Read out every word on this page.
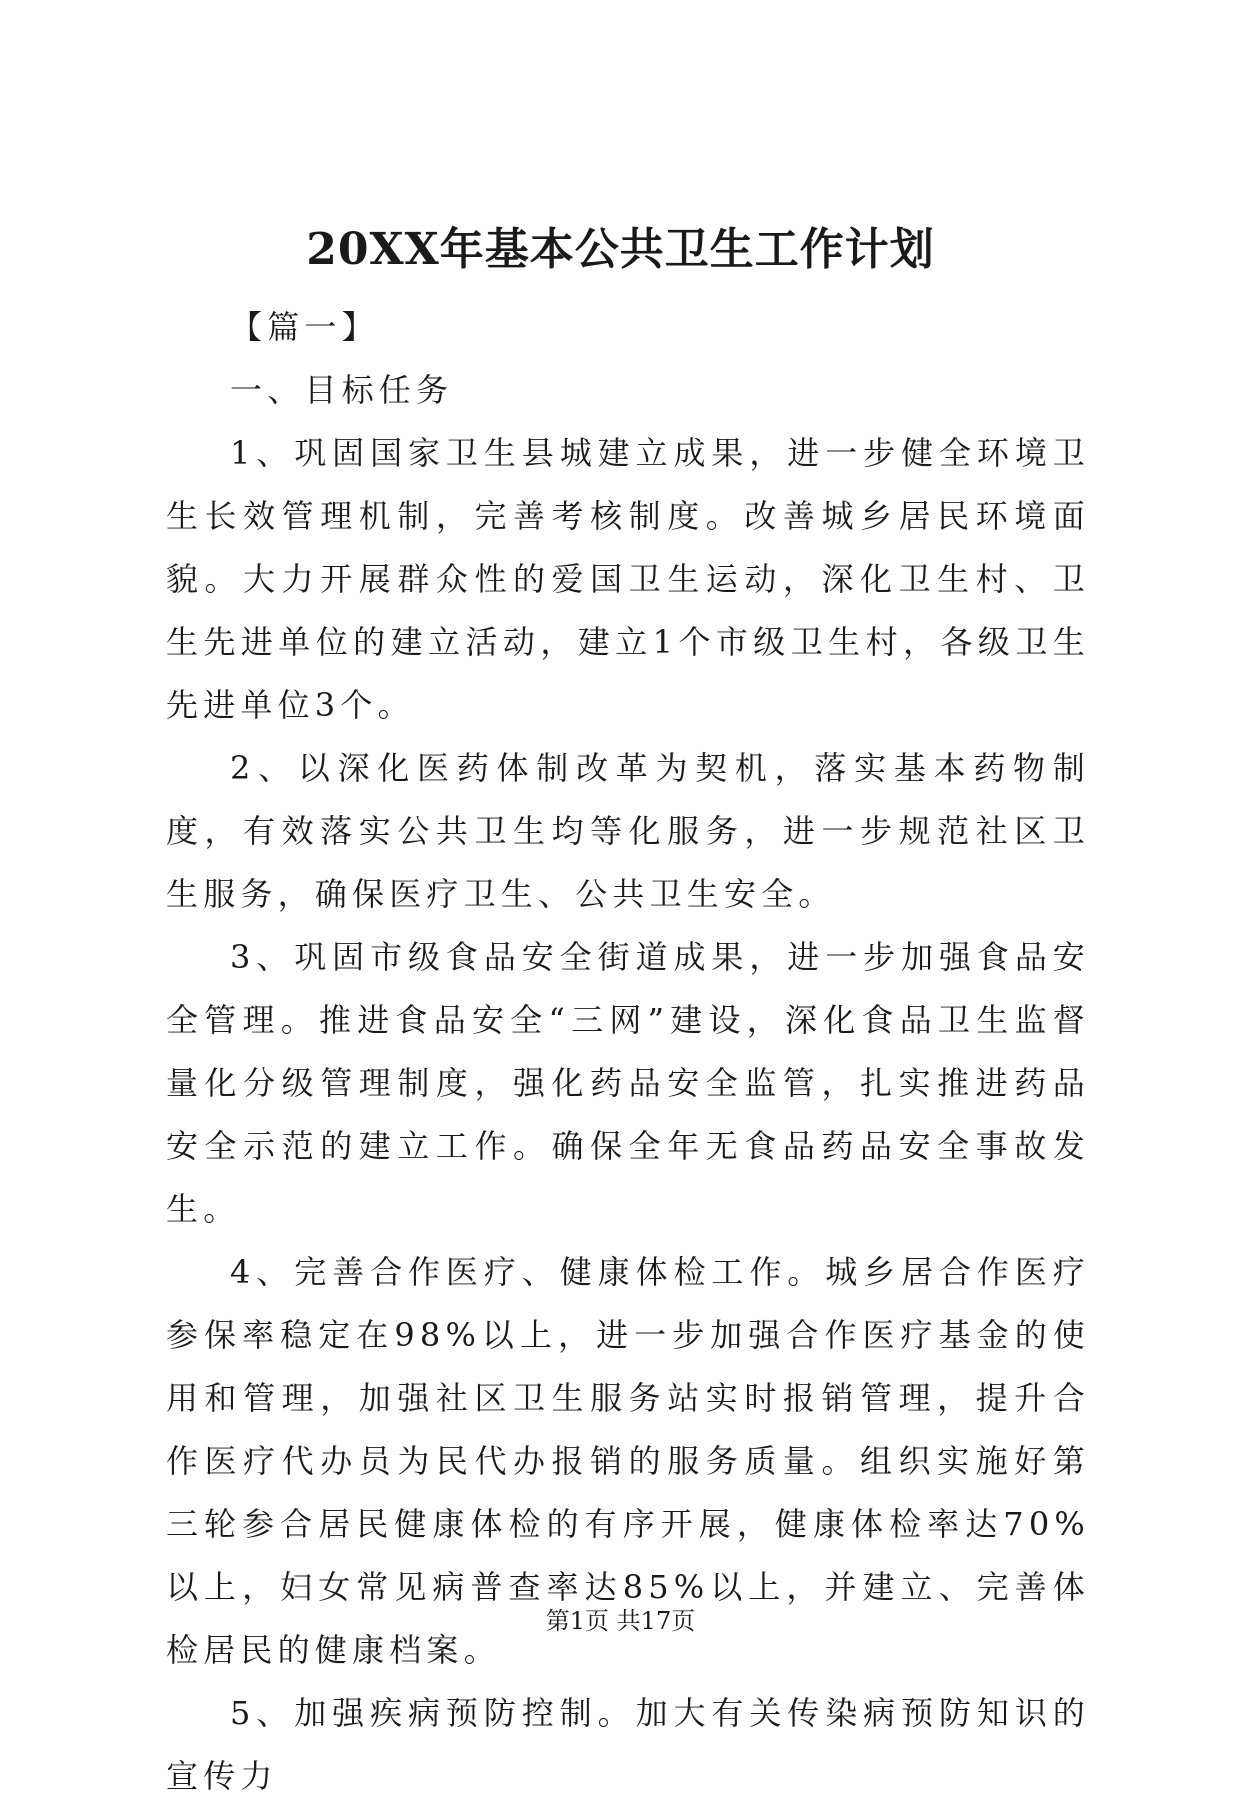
20XX年基本公共卫生工作计划

【篇一】

一、目标任务

1、巩固国家卫生县城建立成果，进一步健全环境卫生长效管理机制，完善考核制度。改善城乡居民环境面貌。大力开展群众性的爱国卫生运动，深化卫生村、卫生先进单位的建立活动，建立1个市级卫生村，各级卫生先进单位3个。

2、以深化医药体制改革为契机，落实基本药物制度，有效落实公共卫生均等化服务，进一步规范社区卫生服务，确保医疗卫生、公共卫生安全。

3、巩固市级食品安全街道成果，进一步加强食品安全管理。推进食品安全“三网”建设，深化食品卫生监督量化分级管理制度，强化药品安全监管，扎实推进药品安全示范的建立工作。确保全年无食品药品安全事故发生。

4、完善合作医疗、健康体检工作。城乡居合作医疗参保率稳定在98%以上，进一步加强合作医疗基金的使用和管理，加强社区卫生服务站实时报销管理，提升合作医疗代办员为民代办报销的服务质量。组织实施好第三轮参合居民健康体检的有序开展，健康体检率达70%以上，妇女常见病普查率达85%以上，并建立、完善体检居民的健康档案。

5、加强疾病预防控制。加大有关传染病预防知识的宣传力

第1页 共17页
